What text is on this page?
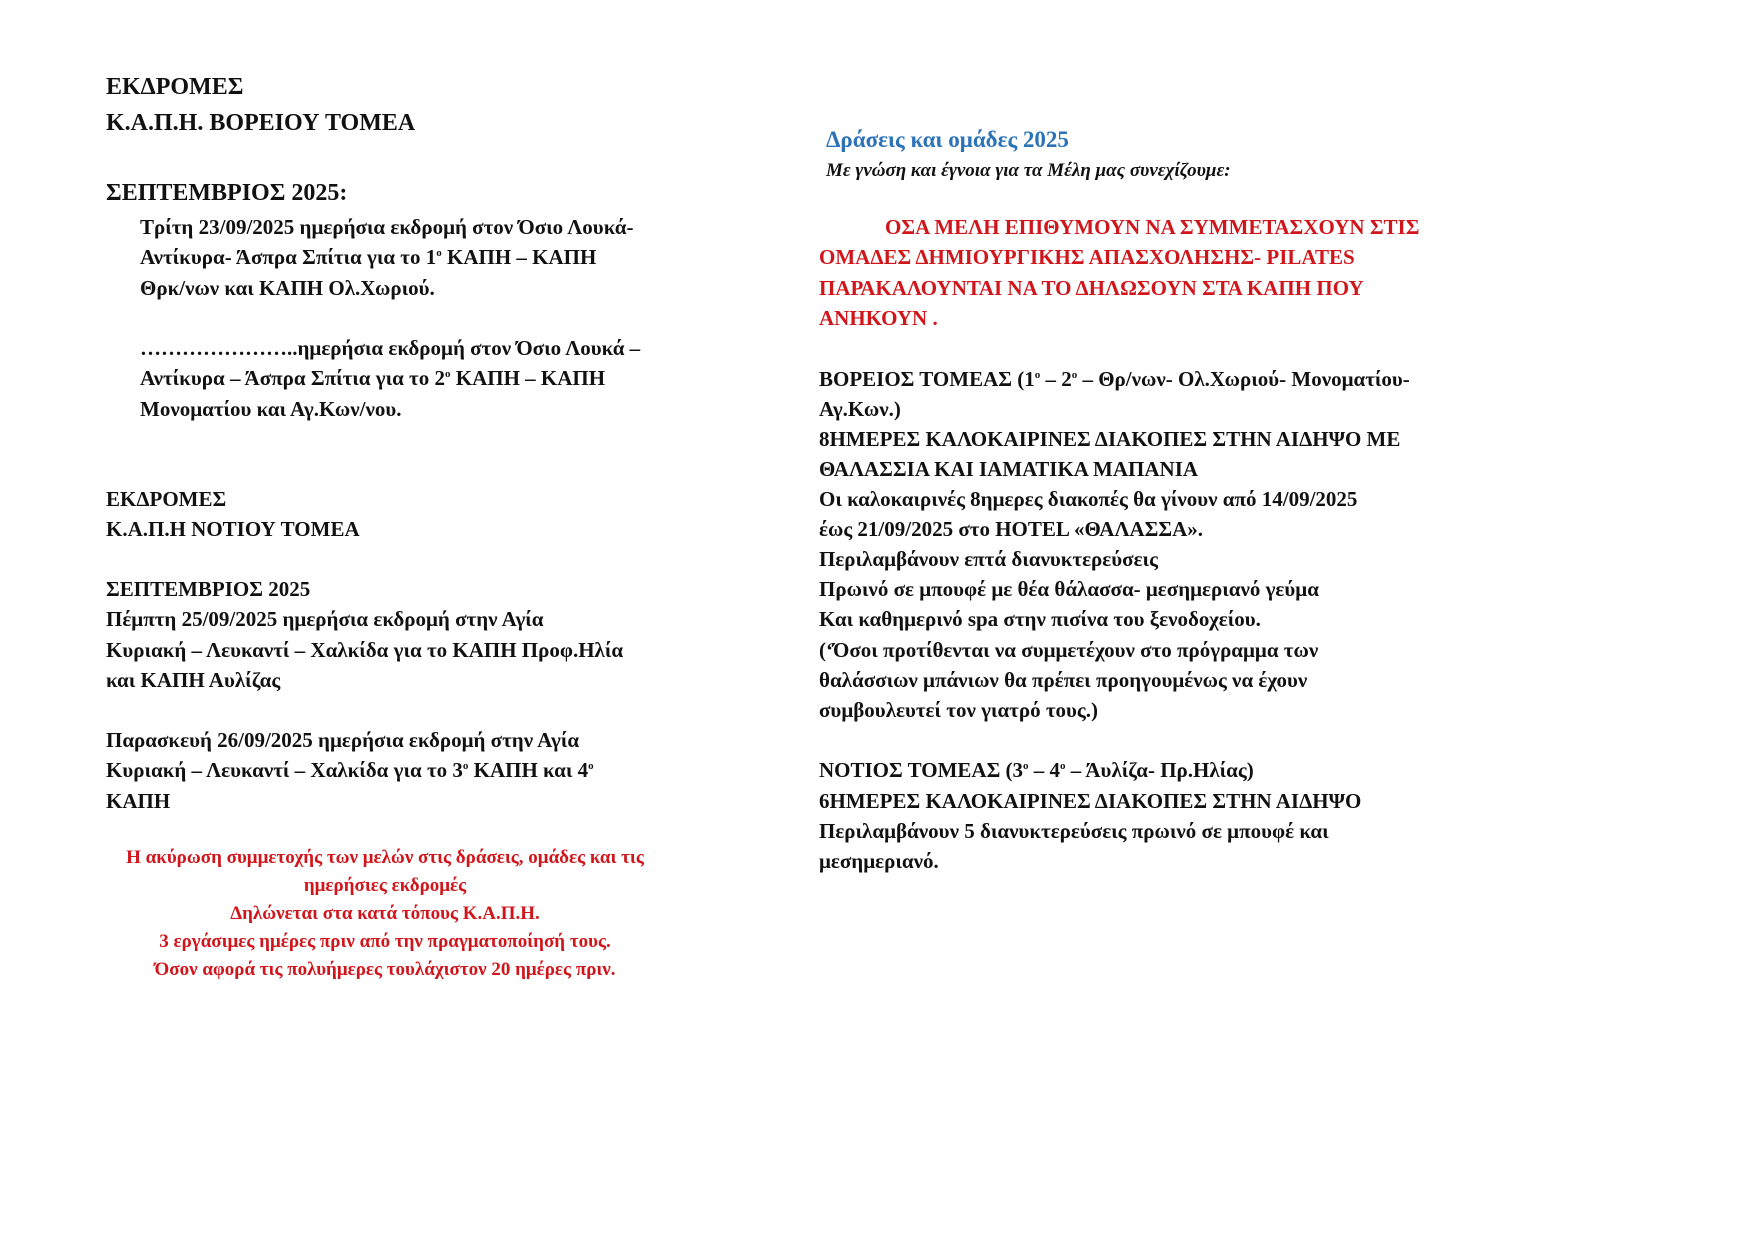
ΕΚΔΡΟΜΕΣ
Κ.Α.Π.Η. ΒΟΡΕΙΟΥ ΤΟΜΕΑ
ΣΕΠΤΕΜΒΡΙΟΣ 2025:
Τρίτη 23/09/2025 ημερήσια εκδρομή στον Όσιο Λουκά-
Αντίκυρα- Άσπρα Σπίτια για το $1^o$ ΚΑΠΗ – ΚΑΠΗ
Θρκ/νων και ΚΑΠΗ Ολ.Χωριού.
…………………..ημερήσια εκδρομή στον Όσιο Λουκά –
Αντίκυρα – Άσπρα Σπίτια για το $2^o$ ΚΑΠΗ – ΚΑΠΗ
Μονοματίου και Αγ.Κων/νου.
ΕΚΔΡΟΜΕΣ
Κ.Α.Π.Η ΝΟΤΙΟΥ ΤΟΜΕΑ
ΣΕΠΤΕΜΒΡΙΟΣ 2025
Πέμπτη 25/09/2025 ημερήσια εκδρομή στην Αγία
Κυριακή – Λευκαντί – Χαλκίδα για το ΚΑΠΗ Προφ.Ηλία
και ΚΑΠΗ Αυλίζας
Παρασκευή 26/09/2025 ημερήσια εκδρομή στην Αγία
Κυριακή – Λευκαντί – Χαλκίδα για το $3^o$ ΚΑΠΗ και $4^o$
ΚΑΠΗ
Η ακύρωση συμμετοχής των μελών στις δράσεις, ομάδες και τις
ημερήσιες εκδρομές
Δηλώνεται στα κατά τόπους Κ.Α.Π.Η.
3 εργάσιμες ημέρες πριν από την πραγματοποίησή τους.
Όσον αφορά τις πολυήμερες τουλάχιστον 20 ημέρες πριν.
Δράσεις και ομάδες 2025
Με γνώση και έγνοια για τα Μέλη μας συνεχίζουμε:
ΟΣΑ ΜΕΛΗ ΕΠΙΘΥΜΟΥΝ ΝΑ ΣΥΜΜΕΤΑΣΧΟΥΝ ΣΤΙΣ
ΟΜΑΔΕΣ ΔΗΜΙΟΥΡΓΙΚΗΣ ΑΠΑΣΧΟΛΗΣΗΣ- PILATES
ΠΑΡΑΚΑΛΟΥΝΤΑΙ ΝΑ ΤΟ ΔΗΛΩΣΟΥΝ ΣΤΑ ΚΑΠΗ ΠΟΥ
ΑΝΗΚΟΥΝ .
ΒΟΡΕΙΟΣ ΤΟΜΕΑΣ ($1^o - 2^o - \Theta\rho/\nu\omega\nu-$ Ολ.Χωριού- Μονοματίου-
Αγ.Κων.)
8ΗΜΕΡΕΣ ΚΑΛΟΚΑΙΡΙΝΕΣ ΔΙΑΚΟΠΕΣ ΣΤΗΝ ΑΙΔΗΨΟ ΜΕ
ΘΑΛΑΣΣΙΑ ΚΑΙ ΙΑΜΑΤΙΚΑ ΜΑΠΑΝΙΑ
Οι καλοκαιρινές 8ημερες διακοπές θα γίνουν από 14/09/2025
έως 21/09/2025 στο HOTEL «ΘΑΛΑΣΣΑ».
Περιλαμβάνουν επτά διανυκτερεύσεις
Πρωινό σε μπουφέ με θέα θάλασσα- μεσημεριανό γεύμα
Και καθημερινό spa στην πισίνα του ξενοδοχείου.
(‘Όσοι προτίθενται να συμμετέχουν στο πρόγραμμα των
θαλάσσιων μπάνιων θα πρέπει προηγουμένως να έχουν
συμβουλευτεί τον γιατρό τους.)
ΝΟΤΙΟΣ ΤΟΜΕΑΣ ($3^o - 4^o - Ά\upsilon\lambda ί\zeta\alpha-$ Πρ.Ηλίας)
6ΗΜΕΡΕΣ ΚΑΛΟΚΑΙΡΙΝΕΣ ΔΙΑΚΟΠΕΣ ΣΤΗΝ ΑΙΔΗΨΟ
Περιλαμβάνουν 5 διανυκτερεύσεις πρωινό σε μπουφέ και
μεσημεριανό.
